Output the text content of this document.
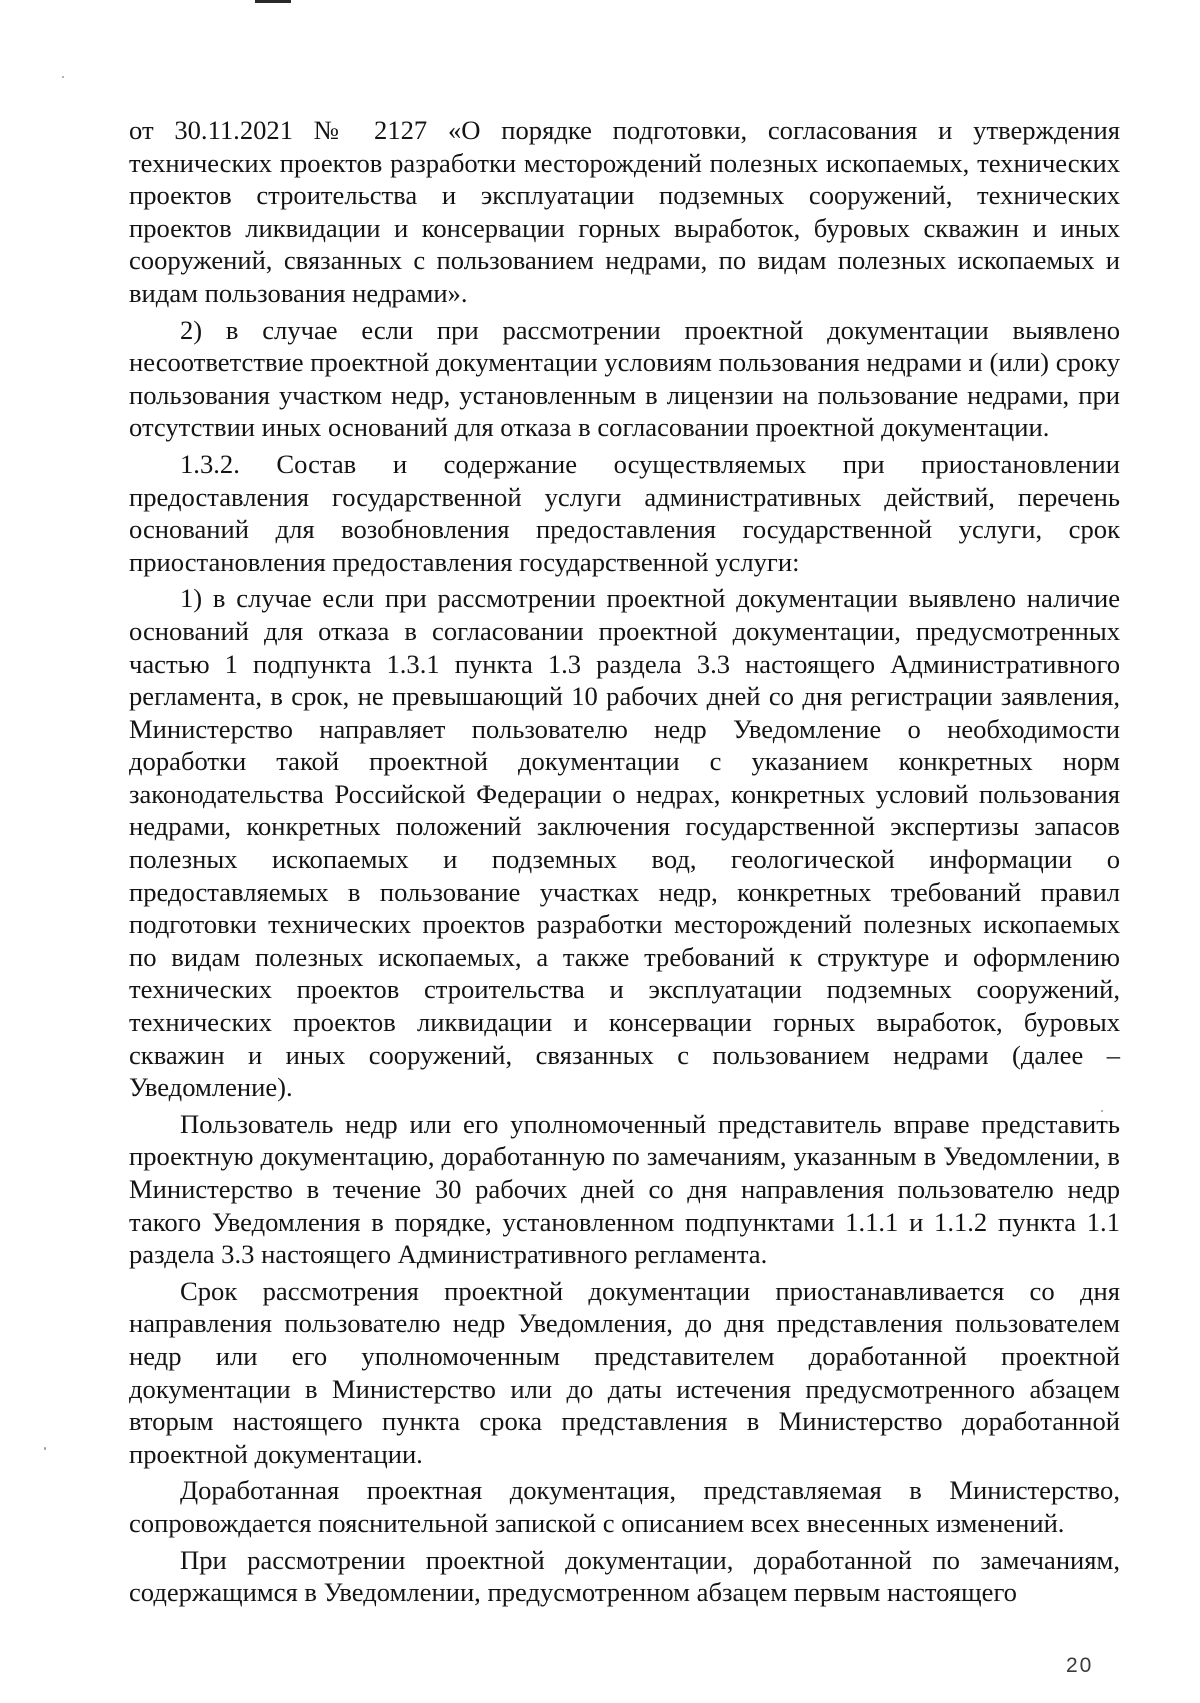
от 30.11.2021 № 2127 «О порядке подготовки, согласования и утверждения технических проектов разработки месторождений полезных ископаемых, технических проектов строительства и эксплуатации подземных сооружений, технических проектов ликвидации и консервации горных выработок, буровых скважин и иных сооружений, связанных с пользованием недрами, по видам полезных ископаемых и видам пользования недрами».

2) в случае если при рассмотрении проектной документации выявлено несоответствие проектной документации условиям пользования недрами и (или) сроку пользования участком недр, установленным в лицензии на пользование недрами, при отсутствии иных оснований для отказа в согласовании проектной документации.

1.3.2. Состав и содержание осуществляемых при приостановлении предоставления государственной услуги административных действий, перечень оснований для возобновления предоставления государственной услуги, срок приостановления предоставления государственной услуги:

1) в случае если при рассмотрении проектной документации выявлено наличие оснований для отказа в согласовании проектной документации, предусмотренных частью 1 подпункта 1.3.1 пункта 1.3 раздела 3.3 настоящего Административного регламента, в срок, не превышающий 10 рабочих дней со дня регистрации заявления, Министерство направляет пользователю недр Уведомление о необходимости доработки такой проектной документации с указанием конкретных норм законодательства Российской Федерации о недрах, конкретных условий пользования недрами, конкретных положений заключения государственной экспертизы запасов полезных ископаемых и подземных вод, геологической информации о предоставляемых в пользование участках недр, конкретных требований правил подготовки технических проектов разработки месторождений полезных ископаемых по видам полезных ископаемых, а также требований к структуре и оформлению технических проектов строительства и эксплуатации подземных сооружений, технических проектов ликвидации и консервации горных выработок, буровых скважин и иных сооружений, связанных с пользованием недрами (далее – Уведомление).

Пользователь недр или его уполномоченный представитель вправе представить проектную документацию, доработанную по замечаниям, указанным в Уведомлении, в Министерство в течение 30 рабочих дней со дня направления пользователю недр такого Уведомления в порядке, установленном подпунктами 1.1.1 и 1.1.2 пункта 1.1 раздела 3.3 настоящего Административного регламента.

Срок рассмотрения проектной документации приостанавливается со дня направления пользователю недр Уведомления, до дня представления пользователем недр или его уполномоченным представителем доработанной проектной документации в Министерство или до даты истечения предусмотренного абзацем вторым настоящего пункта срока представления в Министерство доработанной проектной документации.

Доработанная проектная документация, представляемая в Министерство, сопровождается пояснительной запиской с описанием всех внесенных изменений.

При рассмотрении проектной документации, доработанной по замечаниям, содержащимся в Уведомлении, предусмотренном абзацем первым настоящего

20
